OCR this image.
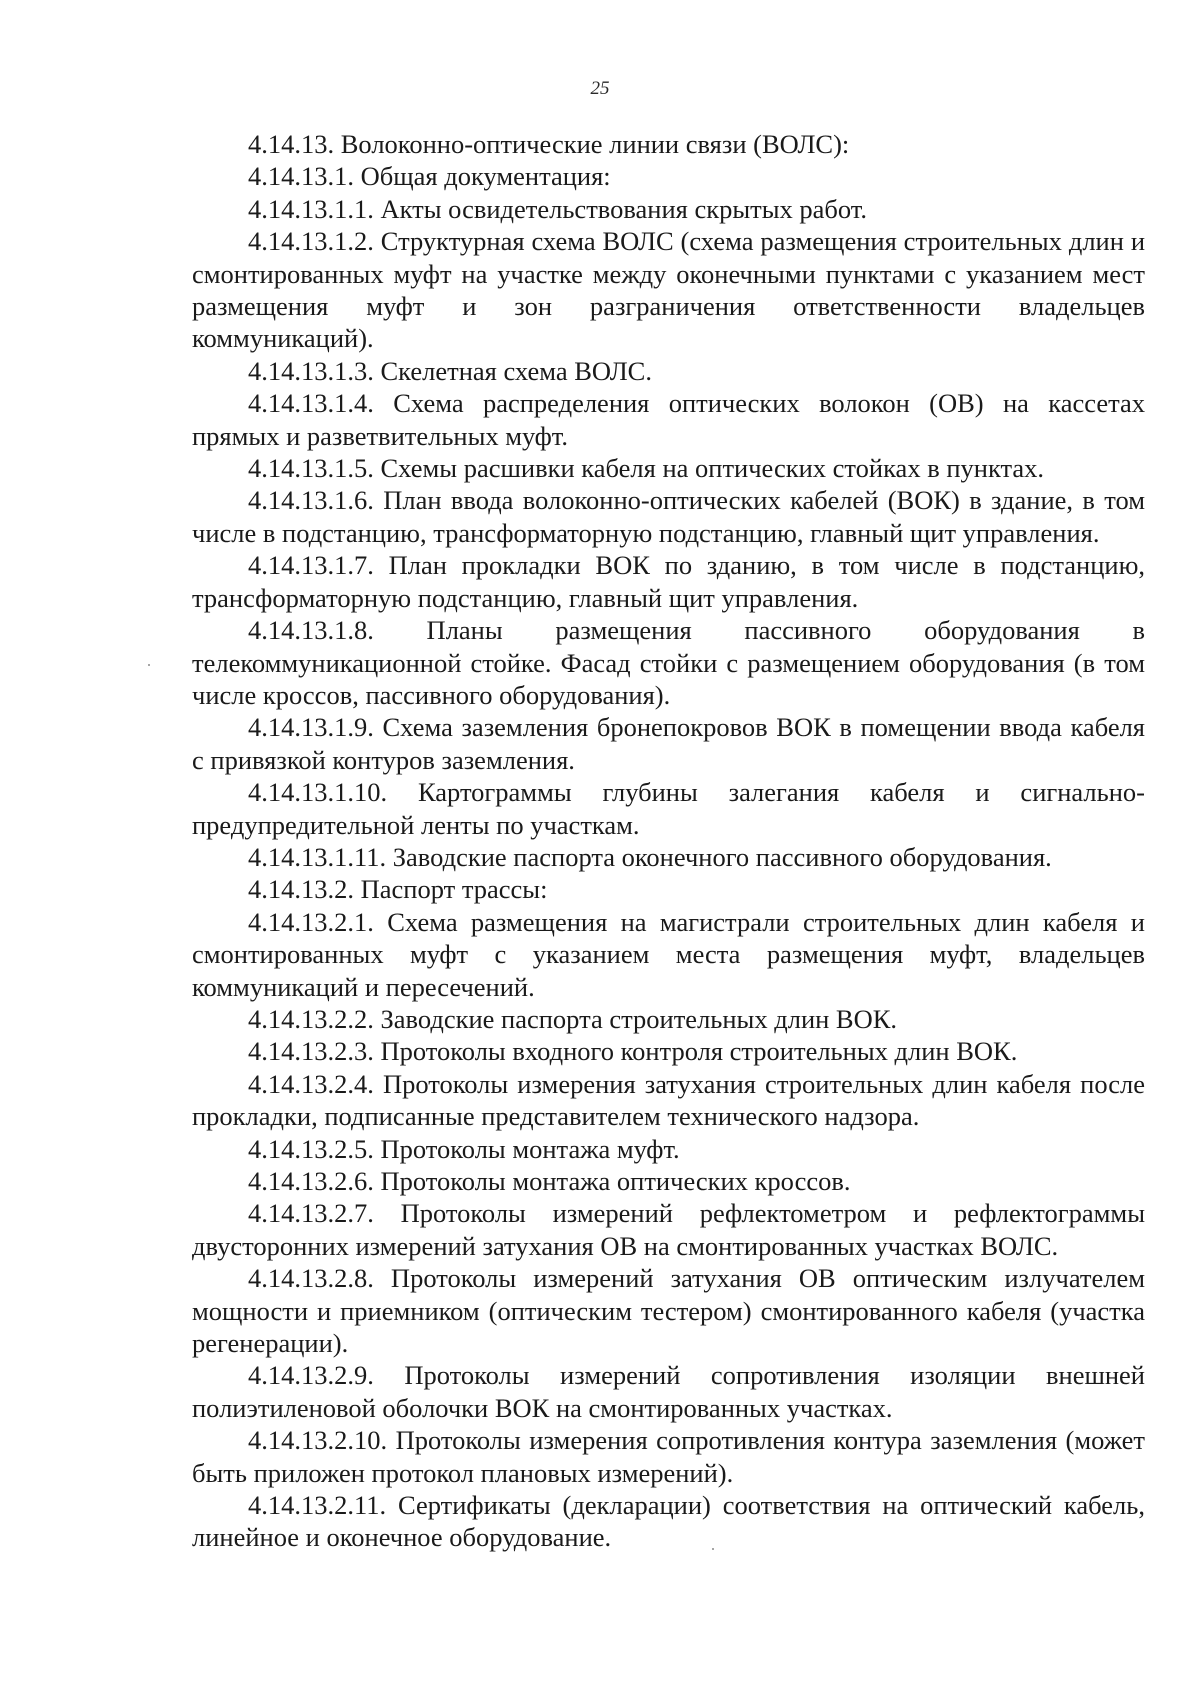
25

4.14.13. Волоконно-оптические линии связи (ВОЛС):

4.14.13.1. Общая документация:

4.14.13.1.1. Акты освидетельствования скрытых работ.

4.14.13.1.2. Структурная схема ВОЛС (схема размещения строительных длин и смонтированных муфт на участке между оконечными пунктами с указанием мест размещения муфт и зон разграничения ответственности владельцев коммуникаций).

4.14.13.1.3. Скелетная схема ВОЛС.

4.14.13.1.4. Схема распределения оптических волокон (ОВ) на кассетах прямых и разветвительных муфт.

4.14.13.1.5. Схемы расшивки кабеля на оптических стойках в пунктах.

4.14.13.1.6. План ввода волоконно-оптических кабелей (ВОК) в здание, в том числе в подстанцию, трансформаторную подстанцию, главный щит управления.

4.14.13.1.7. План прокладки ВОК по зданию, в том числе в подстанцию, трансформаторную подстанцию, главный щит управления.

4.14.13.1.8. Планы размещения пассивного оборудования в телекоммуникационной стойке. Фасад стойки с размещением оборудования (в том числе кроссов, пассивного оборудования).

4.14.13.1.9. Схема заземления бронепокровов ВОК в помещении ввода кабеля с привязкой контуров заземления.

4.14.13.1.10. Картограммы глубины залегания кабеля и сигнально-предупредительной ленты по участкам.

4.14.13.1.11. Заводские паспорта оконечного пассивного оборудования.

4.14.13.2. Паспорт трассы:

4.14.13.2.1. Схема размещения на магистрали строительных длин кабеля и смонтированных муфт с указанием места размещения муфт, владельцев коммуникаций и пересечений.

4.14.13.2.2. Заводские паспорта строительных длин ВОК.

4.14.13.2.3. Протоколы входного контроля строительных длин ВОК.

4.14.13.2.4. Протоколы измерения затухания строительных длин кабеля после прокладки, подписанные представителем технического надзора.

4.14.13.2.5. Протоколы монтажа муфт.

4.14.13.2.6. Протоколы монтажа оптических кроссов.

4.14.13.2.7. Протоколы измерений рефлектометром и рефлектограммы двусторонних измерений затухания ОВ на смонтированных участках ВОЛС.

4.14.13.2.8. Протоколы измерений затухания ОВ оптическим излучателем мощности и приемником (оптическим тестером) смонтированного кабеля (участка регенерации).

4.14.13.2.9. Протоколы измерений сопротивления изоляции внешней полиэтиленовой оболочки ВОК на смонтированных участках.

4.14.13.2.10. Протоколы измерения сопротивления контура заземления (может быть приложен протокол плановых измерений).

4.14.13.2.11. Сертификаты (декларации) соответствия на оптический кабель, линейное и оконечное оборудование.
